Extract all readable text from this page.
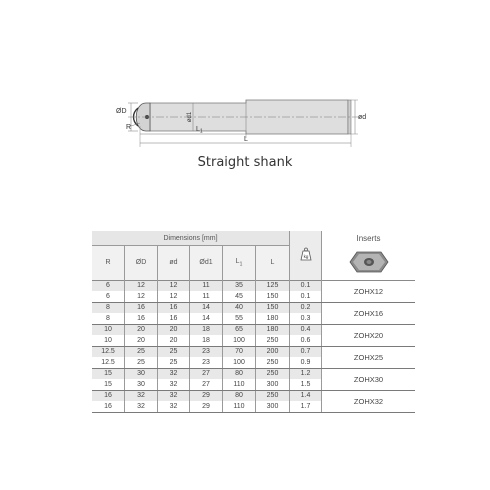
ød1
ØD
R	$L_1$
L
ød
Straight shank
Dimensions [mm]						kg	Inserts
R	ØD	ød	Ød1	$L_1$	L	
6	12	12	11	35	125	0.1	ZOHX12
6	12	12	11	45	150	0.1	
8	16	16	14	40	150	0.2	ZOHX16
8	16	16	14	55	180	0.3	
10	20	20	18	65	180	0.4	ZOHX20
10	20	20	18	100	250	0.6	
12.5	25	25	23	70	200	0.7	ZOHX25
12.5	25	25	23	100	250	0.9	
15	30	32	27	80	250	1.2	ZOHX30
15	30	32	27	110	300	1.5	
16	32	32	29	80	250	1.4	ZOHX32
16	32	32	29	110	300	1.7	
